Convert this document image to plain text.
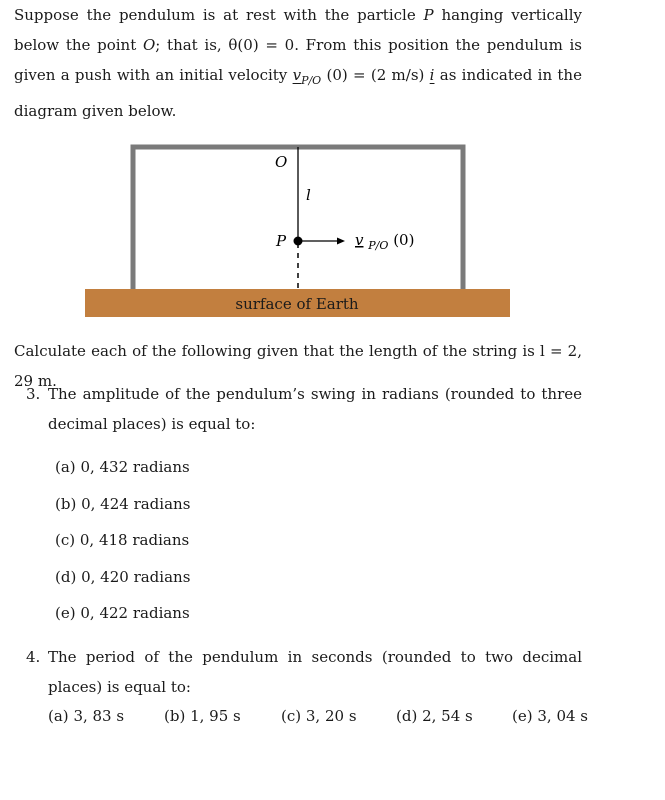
Suppose the pendulum is at rest with the particle P hanging vertically below the point O; that is, θ(0) = 0. From this position the pendulum is given a push with an initial velocity $v_{P/O}$ (0) = (2 m/s) i as indicated in the diagram given below.
O
l
P	v $_{P/O}$ (0)
surface of Earth
Calculate each of the following given that the length of the string is l = 2, 29 m.
3. The amplitude of the pendulum’s swing in radians (rounded to three decimal places) is equal to:
(a) 0, 432 radians
(b) 0, 424 radians
(c) 0, 418 radians
(d) 0, 420 radians
(e) 0, 422 radians
4. The period of the pendulum in seconds (rounded to two decimal places) is equal to:
(a) 3, 83 s	(b) 1, 95 s	(c) 3, 20 s	(d) 2, 54 s	(e) 3, 04 s
